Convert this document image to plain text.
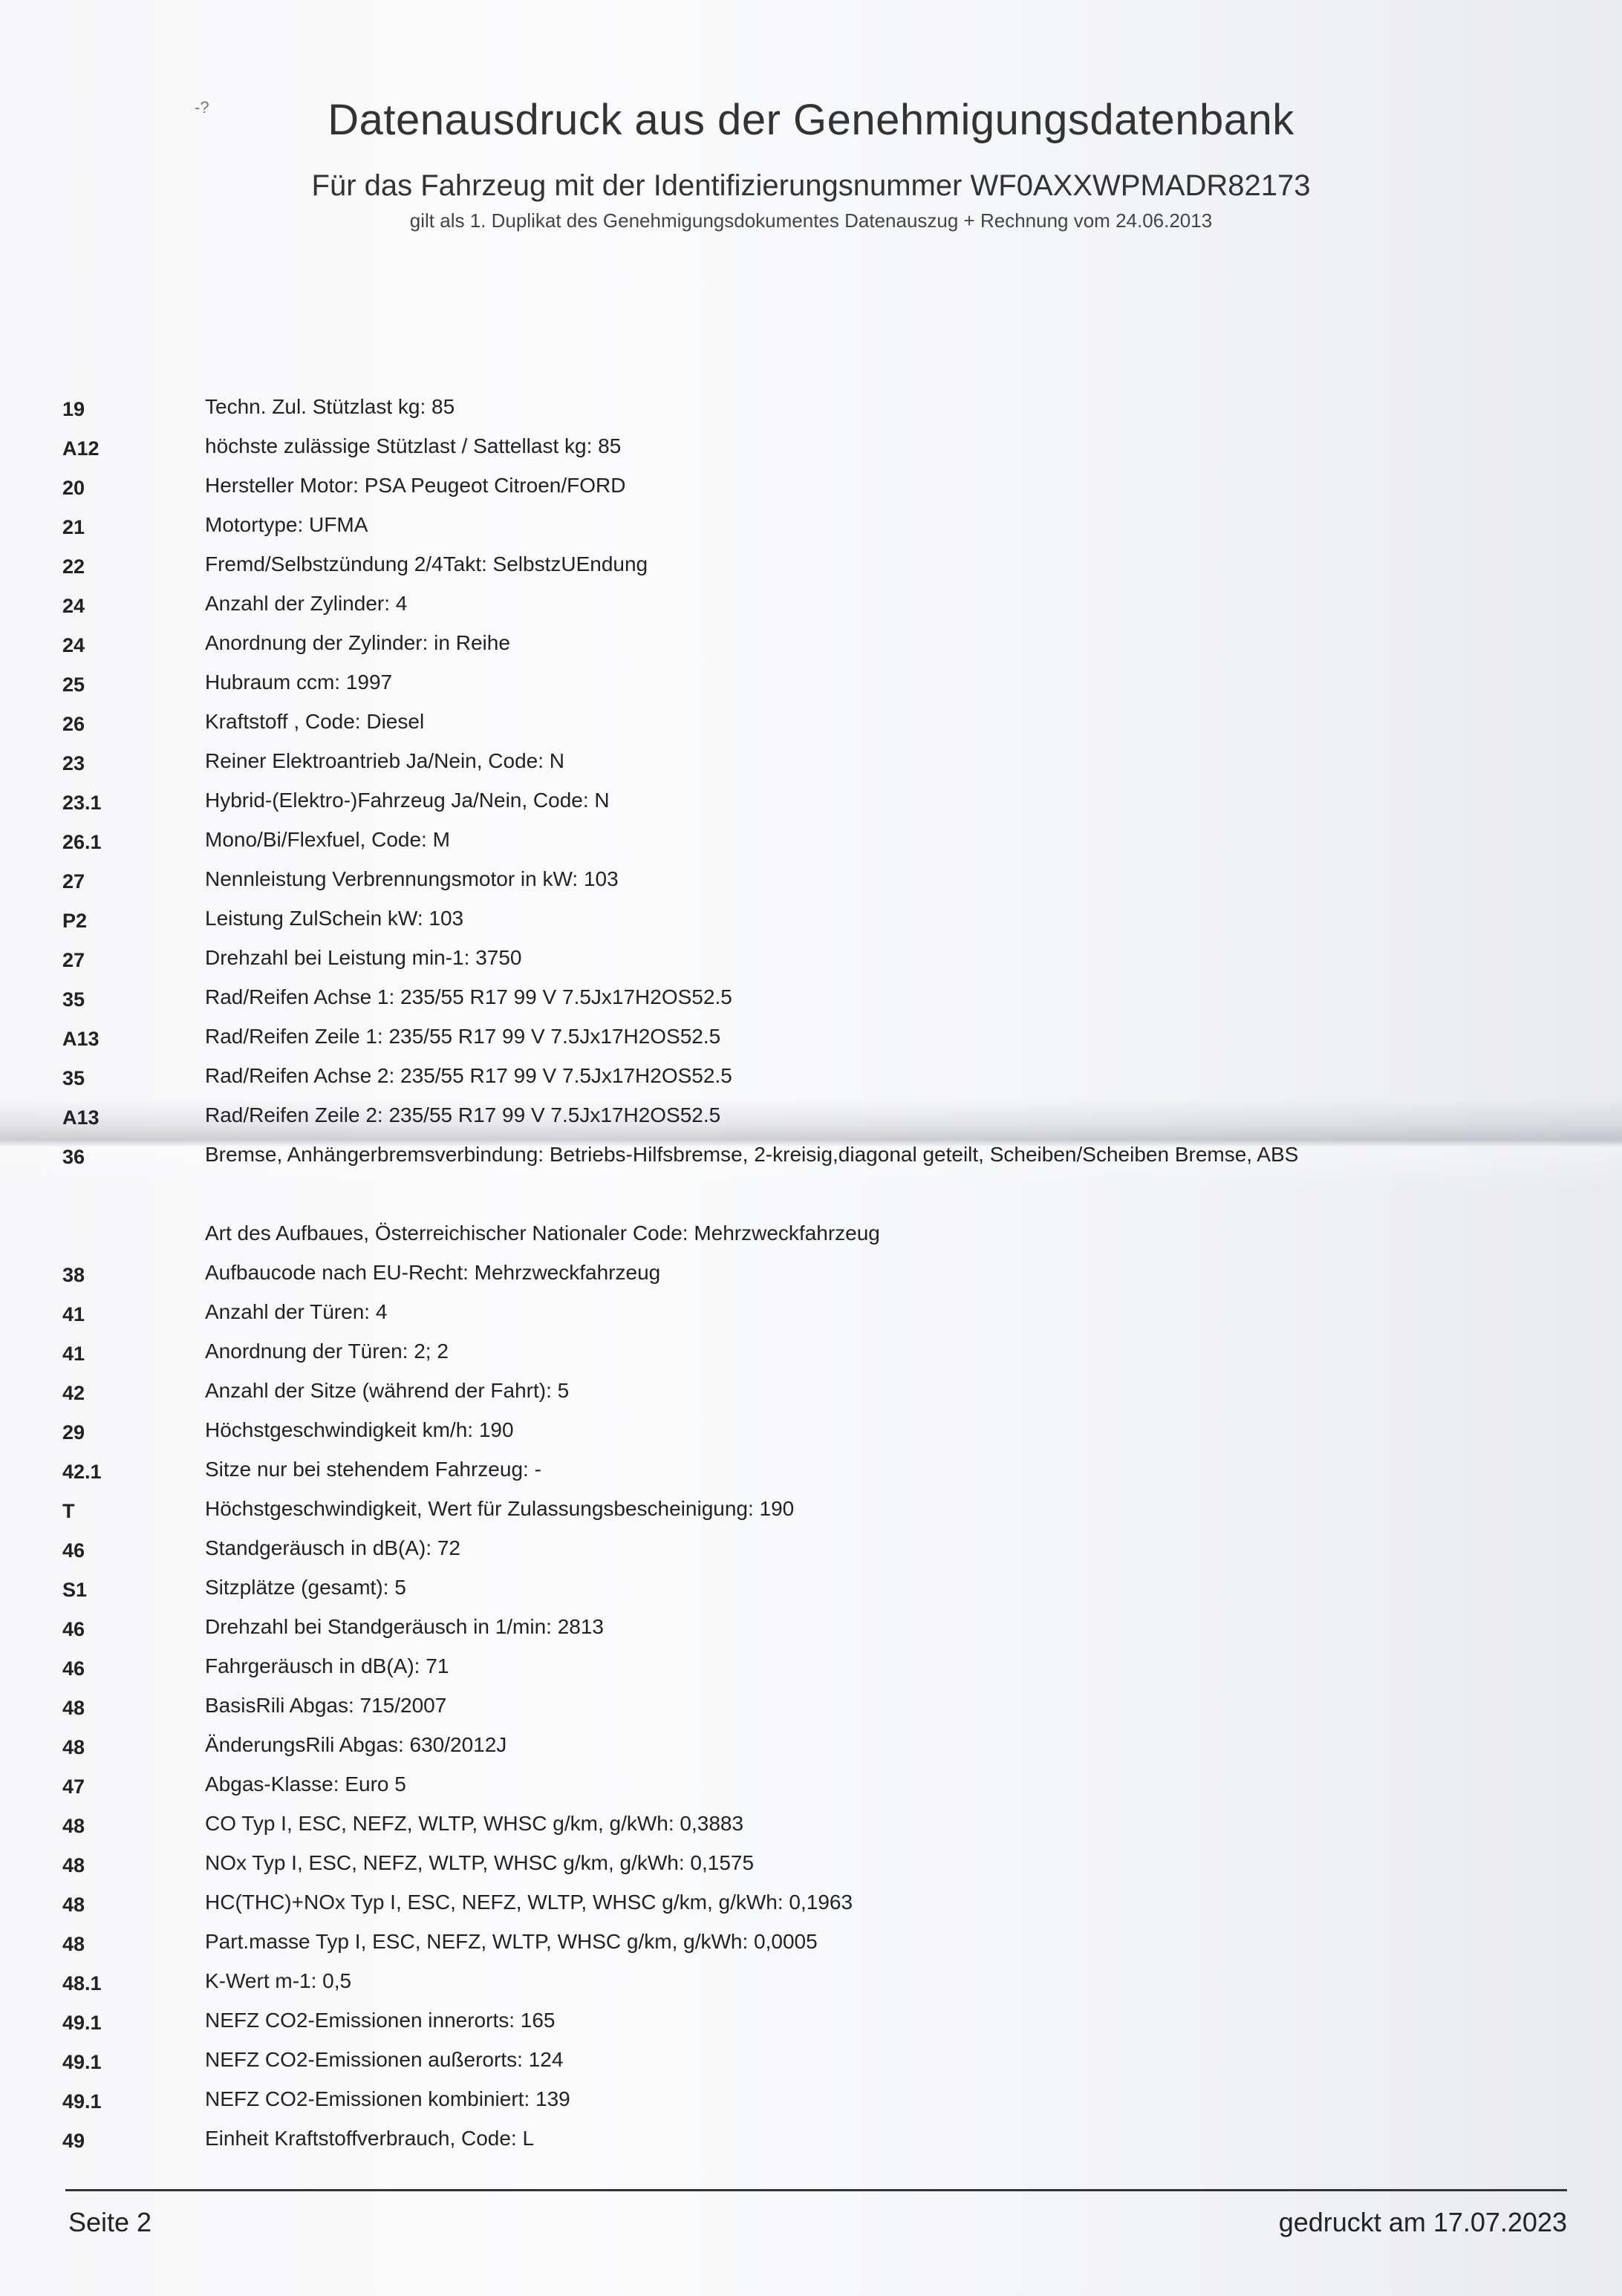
-?	Datenausdruck aus der Genehmigungsdatenbank
Für das Fahrzeug mit der Identifizierungsnummer WF0AXXWPMADR82173
gilt als 1. Duplikat des Genehmigungsdokumentes Datenauszug + Rechnung vom 24.06.2013
19	Techn. Zul. Stützlast kg: 85
A12	höchste zulässige Stützlast / Sattellast kg: 85
20	Hersteller Motor: PSA Peugeot Citroen/FORD
21	Motortype: UFMA
22	Fremd/Selbstzündung 2/4Takt: SelbstzUEndung
24	Anzahl der Zylinder: 4
24	Anordnung der Zylinder: in Reihe
25	Hubraum ccm: 1997
26	Kraftstoff , Code: Diesel
23	Reiner Elektroantrieb Ja/Nein, Code: N
23.1	Hybrid-(Elektro-)Fahrzeug Ja/Nein, Code: N
26.1	Mono/Bi/Flexfuel, Code: M
27	Nennleistung Verbrennungsmotor in kW: 103
P2	Leistung ZulSchein kW: 103
27	Drehzahl bei Leistung min-1: 3750
35	Rad/Reifen Achse 1: 235/55 R17 99 V 7.5Jx17H2OS52.5
A13	Rad/Reifen Zeile 1: 235/55 R17 99 V 7.5Jx17H2OS52.5
35	Rad/Reifen Achse 2: 235/55 R17 99 V 7.5Jx17H2OS52.5
A13	Rad/Reifen Zeile 2: 235/55 R17 99 V 7.5Jx17H2OS52.5
36	Bremse, Anhängerbremsverbindung: Betriebs-Hilfsbremse, 2-kreisig,diagonal geteilt, Scheiben/Scheiben Bremse, ABS
Art des Aufbaues, Österreichischer Nationaler Code: Mehrzweckfahrzeug
38	Aufbaucode nach EU-Recht: Mehrzweckfahrzeug
41	Anzahl der Türen: 4
41	Anordnung der Türen: 2; 2
42	Anzahl der Sitze (während der Fahrt): 5
29	Höchstgeschwindigkeit km/h: 190
42.1	Sitze nur bei stehendem Fahrzeug: -
T	Höchstgeschwindigkeit, Wert für Zulassungsbescheinigung: 190
46	Standgeräusch in dB(A): 72
S1	Sitzplätze (gesamt): 5
46	Drehzahl bei Standgeräusch in 1/min: 2813
46	Fahrgeräusch in dB(A): 71
48	BasisRili Abgas: 715/2007
48	ÄnderungsRili Abgas: 630/2012J
47	Abgas-Klasse: Euro 5
48	CO Typ I, ESC, NEFZ, WLTP, WHSC g/km, g/kWh: 0,3883
48	NOx Typ I, ESC, NEFZ, WLTP, WHSC g/km, g/kWh: 0,1575
48	HC(THC)+NOx Typ I, ESC, NEFZ, WLTP, WHSC g/km, g/kWh: 0,1963
48	Part.masse Typ I, ESC, NEFZ, WLTP, WHSC g/km, g/kWh: 0,0005
48.1	K-Wert m-1: 0,5
49.1	NEFZ CO2-Emissionen innerorts: 165
49.1	NEFZ CO2-Emissionen außerorts: 124
49.1	NEFZ CO2-Emissionen kombiniert: 139
49	Einheit Kraftstoffverbrauch, Code: L
Seite 2	gedruckt am 17.07.2023
